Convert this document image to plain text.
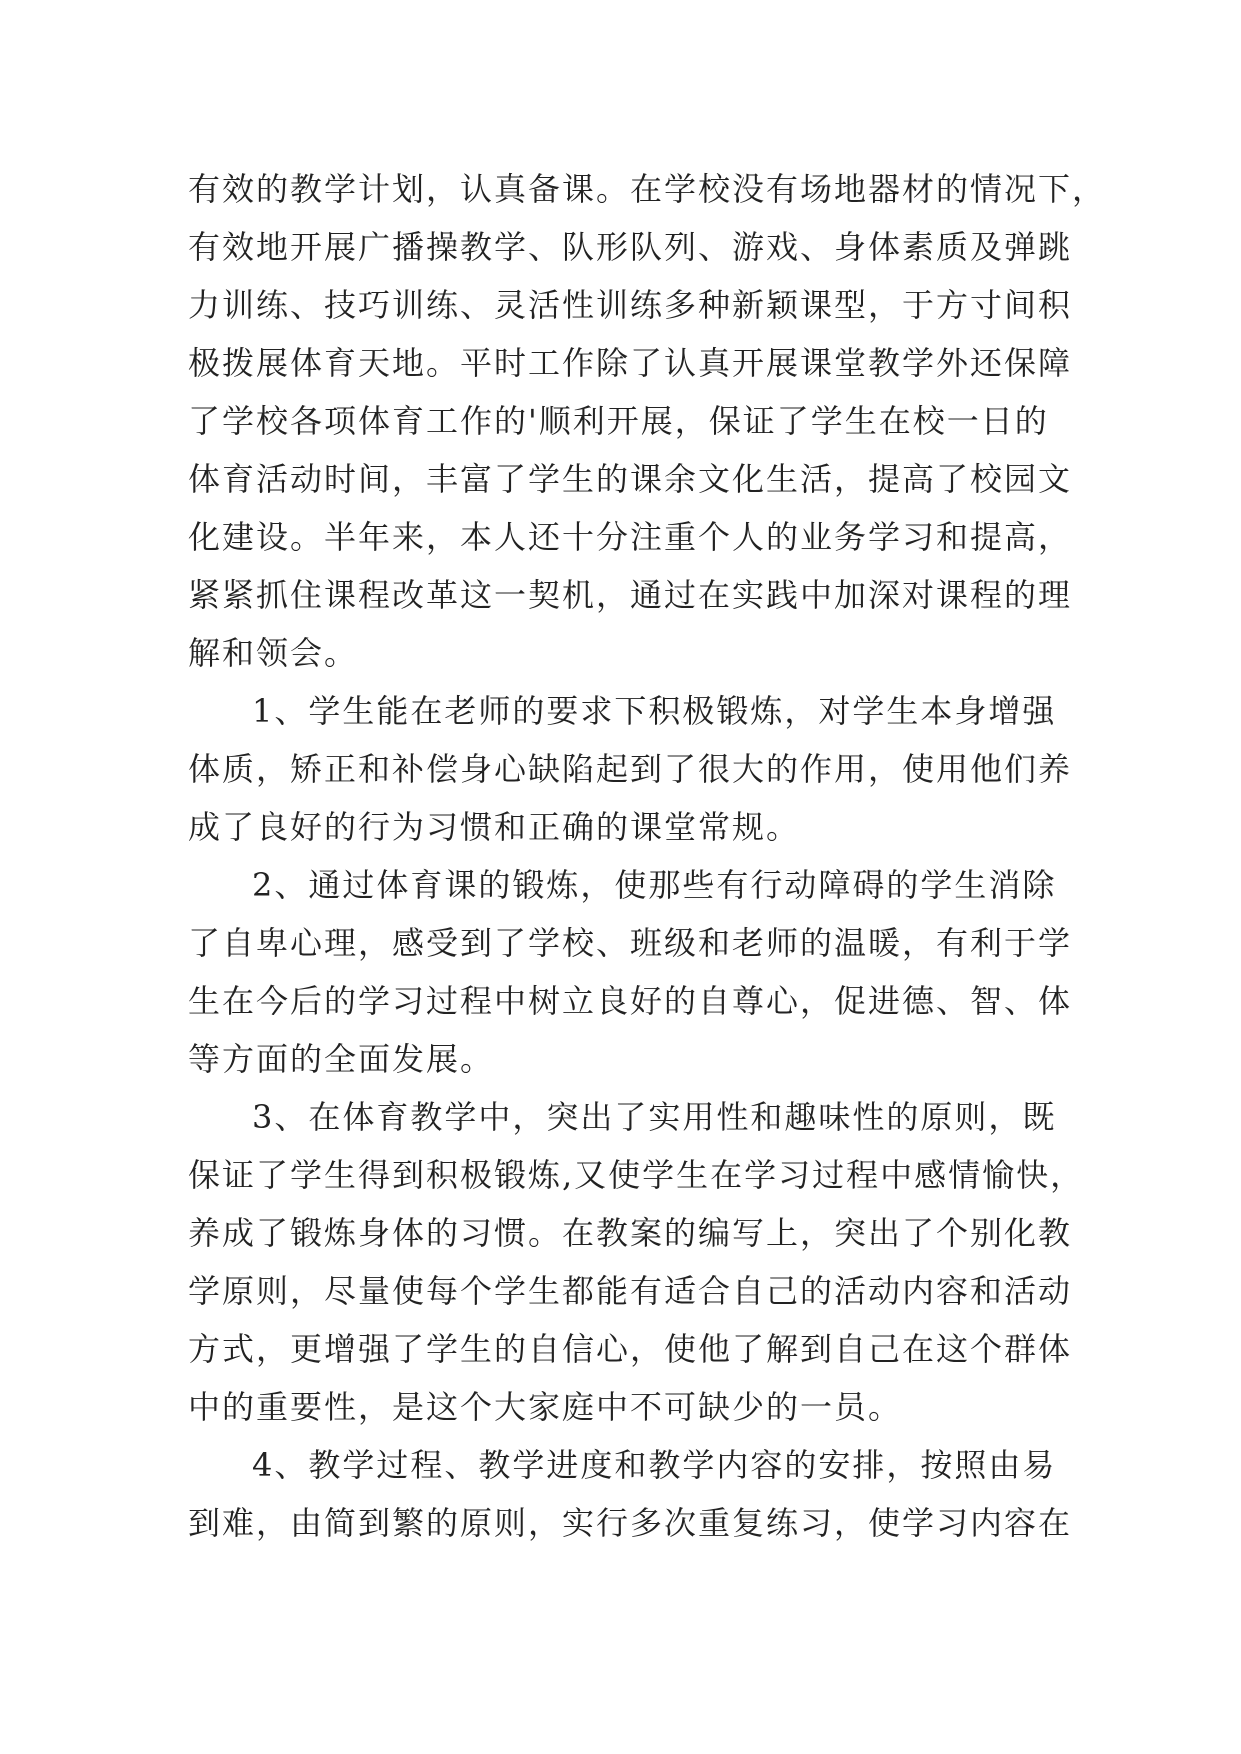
有效的教学计划，认真备课。在学校没有场地器材的情况下，
有效地开展广播操教学、队形队列、游戏、身体素质及弹跳
力训练、技巧训练、灵活性训练多种新颖课型，于方寸间积
极拨展体育天地。平时工作除了认真开展课堂教学外还保障
了学校各项体育工作的'顺利开展，保证了学生在校一日的
体育活动时间，丰富了学生的课余文化生活，提高了校园文
化建设。半年来，本人还十分注重个人的业务学习和提高，
紧紧抓住课程改革这一契机，通过在实践中加深对课程的理
解和领会。
1、学生能在老师的要求下积极锻炼，对学生本身增强
体质，矫正和补偿身心缺陷起到了很大的作用，使用他们养
成了良好的行为习惯和正确的课堂常规。
2、通过体育课的锻炼，使那些有行动障碍的学生消除
了自卑心理，感受到了学校、班级和老师的温暖，有利于学
生在今后的学习过程中树立良好的自尊心，促进德、智、体
等方面的全面发展。
3、在体育教学中，突出了实用性和趣味性的原则，既
保证了学生得到积极锻炼,又使学生在学习过程中感情愉快，
养成了锻炼身体的习惯。在教案的编写上，突出了个别化教
学原则，尽量使每个学生都能有适合自己的活动内容和活动
方式，更增强了学生的自信心，使他了解到自己在这个群体
中的重要性，是这个大家庭中不可缺少的一员。
4、教学过程、教学进度和教学内容的安排，按照由易
到难，由简到繁的原则，实行多次重复练习，使学习内容在
